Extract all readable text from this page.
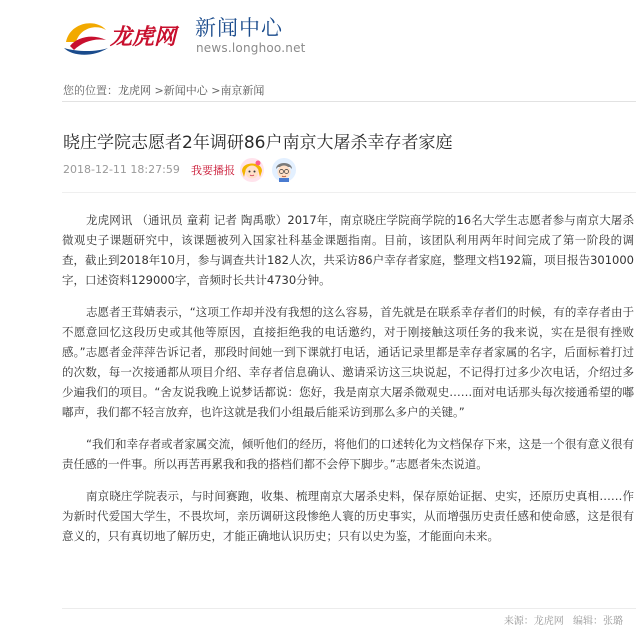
龙虎网 新闻中心
news.longhoo.net
您的位置：龙虎网 >新闻中心 >南京新闻
晓庄学院志愿者2年调研86户南京大屠杀幸存者家庭
2018-12-11 18:27:59 我要播报

龙虎网讯 （通讯员 童莉 记者 陶禹歌）2017年，南京晓庄学院商学院的16名大学生志愿者参与南京大屠杀微观史子课题研究中，该课题被列入国家社科基金课题指南。目前，该团队利用两年时间完成了第一阶段的调查，截止到2018年10月，参与调查共计182人次，共采访86户幸存者家庭，整理文档192篇，项目报告301000字，口述资料129000字，音频时长共计4730分钟。

志愿者王茸婧表示，“这项工作却并没有我想的这么容易，首先就是在联系幸存者们的时候，有的幸存者由于不愿意回忆这段历史或其他等原因，直接拒绝我的电话邀约，对于刚接触这项任务的我来说，实在是很有挫败感。”志愿者金萍萍告诉记者，那段时间她一到下课就打电话，通话记录里都是幸存者家属的名字，后面标着打过的次数，每一次接通都从项目介绍、幸存者信息确认、邀请采访这三块说起，不记得打过多少次电话，介绍过多少遍我们的项目。“舍友说我晚上说梦话都说：您好，我是南京大屠杀微观史……面对电话那头每次接通希望的嘟嘟声，我们都不轻言放弃，也许这就是我们小组最后能采访到那么多户的关键。”

“我们和幸存者或者家属交流，倾听他们的经历，将他们的口述转化为文档保存下来，这是一个很有意义很有责任感的一件事。所以再苦再累我和我的搭档们都不会停下脚步。”志愿者朱杰说道。

南京晓庄学院表示，与时间赛跑，收集、梳理南京大屠杀史料，保存原始证据、史实，还原历史真相……作为新时代爱国大学生，不畏坎坷，亲历调研这段惨绝人寰的历史事实，从而增强历史责任感和使命感，这是很有意义的，只有真切地了解历史，才能正确地认识历史；只有以史为鉴，才能面向未来。

来源：龙虎网 编辑：张璐
